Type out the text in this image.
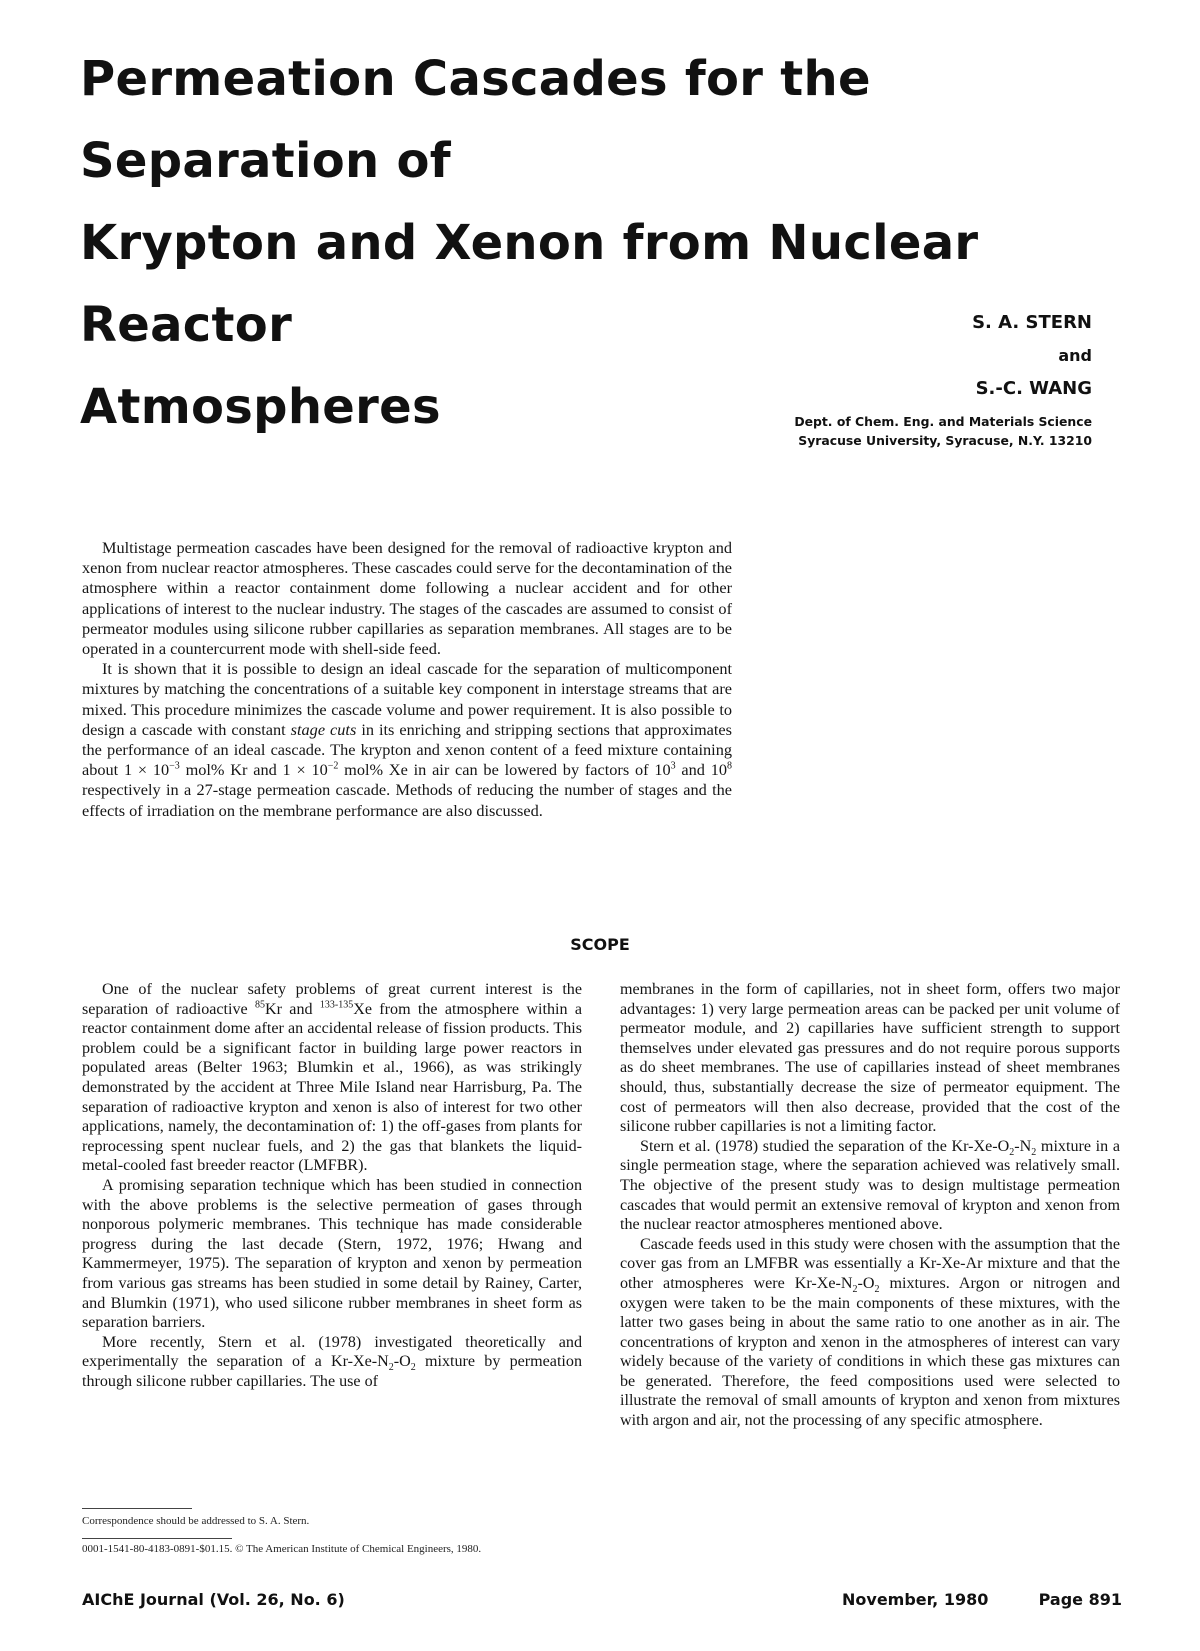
Permeation Cascades for the Separation of
Krypton and Xenon from Nuclear Reactor
Atmospheres
S. A. STERN
and
S.-C. WANG
Dept. of Chem. Eng. and Materials Science
Syracuse University, Syracuse, N.Y. 13210

Multistage permeation cascades have been designed for the removal of radioactive krypton and xenon from nuclear reactor atmospheres. These cascades could serve for the decontamination of the atmosphere within a reactor containment dome following a nuclear accident and for other applications of interest to the nuclear industry. The stages of the cascades are assumed to consist of permeator modules using silicone rubber capillaries as separation membranes. All stages are to be operated in a countercurrent mode with shell-side feed.

It is shown that it is possible to design an ideal cascade for the separation of multicomponent mixtures by matching the concentrations of a suitable key component in interstage streams that are mixed. This procedure minimizes the cascade volume and power requirement. It is also possible to design a cascade with constant stage cuts in its enriching and stripping sections that approximates the performance of an ideal cascade. The krypton and xenon content of a feed mixture containing about $1 \times 10^{-3}$ mol% Kr and $1 \times 10^{-2}$ mol% Xe in air can be lowered by factors of $10^3$ and $10^8$ respectively in a 27-stage permeation cascade. Methods of reducing the number of stages and the effects of irradiation on the membrane performance are also discussed.

SCOPE

One of the nuclear safety problems of great current interest is the separation of radioactive $^{85}$Kr and $^{133-135}$Xe from the atmosphere within a reactor containment dome after an accidental release of fission products. This problem could be a significant factor in building large power reactors in populated areas (Belter 1963; Blumkin et al., 1966), as was strikingly demonstrated by the accident at Three Mile Island near Harrisburg, Pa. The separation of radioactive krypton and xenon is also of interest for two other applications, namely, the decontamination of: 1) the off-gases from plants for reprocessing spent nuclear fuels, and 2) the gas that blankets the liquid-metal-cooled fast breeder reactor (LMFBR).

A promising separation technique which has been studied in connection with the above problems is the selective permeation of gases through nonporous polymeric membranes. This technique has made considerable progress during the last decade (Stern, 1972, 1976; Hwang and Kammermeyer, 1975). The separation of krypton and xenon by permeation from various gas streams has been studied in some detail by Rainey, Carter, and Blumkin (1971), who used silicone rubber membranes in sheet form as separation barriers.

More recently, Stern et al. (1978) investigated theoretically and experimentally the separation of a $Kr-Xe-N_2-O_2$ mixture by permeation through silicone rubber capillaries. The use of

membranes in the form of capillaries, not in sheet form, offers two major advantages: 1) very large permeation areas can be packed per unit volume of permeator module, and 2) capillaries have sufficient strength to support themselves under elevated gas pressures and do not require porous supports as do sheet membranes. The use of capillaries instead of sheet membranes should, thus, substantially decrease the size of permeator equipment. The cost of permeators will then also decrease, provided that the cost of the silicone rubber capillaries is not a limiting factor.

Stern et al. (1978) studied the separation of the $Kr-Xe-O_2-N_2$ mixture in a single permeation stage, where the separation achieved was relatively small. The objective of the present study was to design multistage permeation cascades that would permit an extensive removal of krypton and xenon from the nuclear reactor atmospheres mentioned above.

Cascade feeds used in this study were chosen with the assumption that the cover gas from an LMFBR was essentially a Kr-Xe-Ar mixture and that the other atmospheres were $Kr-Xe-N_2-O_2$ mixtures. Argon or nitrogen and oxygen were taken to be the main components of these mixtures, with the latter two gases being in about the same ratio to one another as in air. The concentrations of krypton and xenon in the atmospheres of interest can vary widely because of the variety of conditions in which these gas mixtures can be generated. Therefore, the feed compositions used were selected to illustrate the removal of small amounts of krypton and xenon from mixtures with argon and air, not the processing of any specific atmosphere.

Correspondence should be addressed to S. A. Stern.
0001-1541-80-4183-0891-$01.15. © The American Institute of Chemical Engineers, 1980.
AIChE Journal (Vol. 26, No. 6)	November, 1980	Page 891
